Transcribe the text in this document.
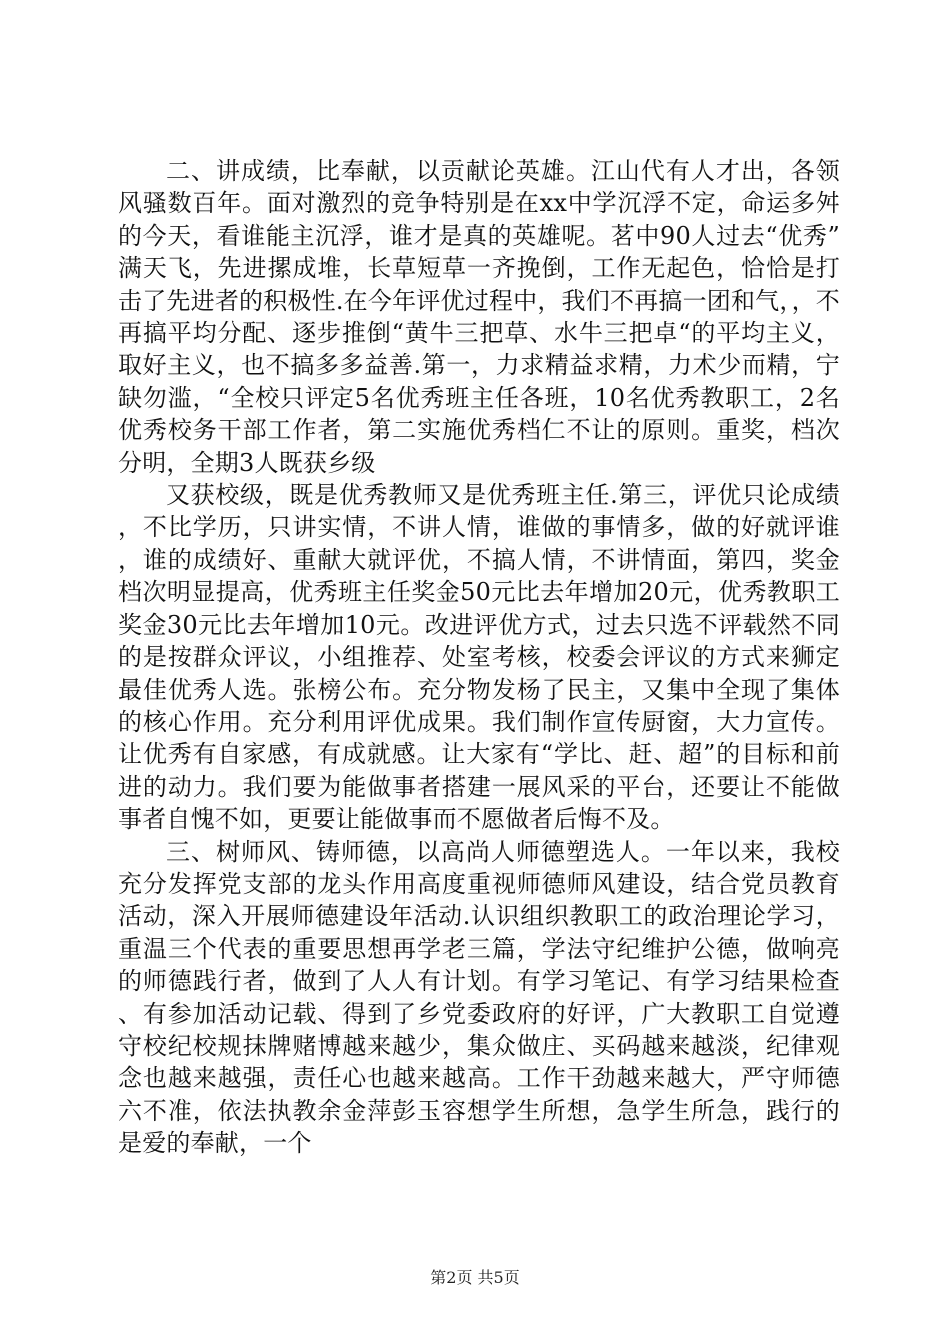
二、讲成绩，比奉献，以贡献论英雄。江山代有人才出，各领风骚数百年。面对激烈的竞争特别是在xx中学沉浮不定，命运多舛的今天，看谁能主沉浮，谁才是真的英雄呢。茗中90人过去“优秀”满天飞，先进摞成堆，长草短草一齐挽倒，工作无起色，恰恰是打击了先进者的积极性.在今年评优过程中，我们不再搞一团和气，，不再搞平均分配、逐步推倒“黄牛三把草、水牛三把卓“的平均主义，取好主义，也不搞多多益善.第一，力求精益求精，力术少而精，宁缺勿滥，“全校只评定5名优秀班主任各班，10名优秀教职工，2名优秀校务干部工作者，第二实施优秀档仁不让的原则。重奖，档次分明，全期3人既获乡级

又获校级，既是优秀教师又是优秀班主任.第三，评优只论成绩，不比学历，只讲实情，不讲人情，谁做的事情多，做的好就评谁，谁的成绩好、重献大就评优，不搞人情，不讲情面，第四，奖金档次明显提高，优秀班主任奖金50元比去年增加20元，优秀教职工奖金30元比去年增加10元。改进评优方式，过去只选不评载然不同的是按群众评议，小组推荐、处室考核，校委会评议的方式来狮定最佳优秀人选。张榜公布。充分物发杨了民主，又集中全现了集体的核心作用。充分利用评优成果。我们制作宣传厨窗，大力宣传。让优秀有自家感，有成就感。让大家有“学比、赶、超”的目标和前进的动力。我们要为能做事者搭建一展风采的平台，还要让不能做事者自愧不如，更要让能做事而不愿做者后悔不及。

三、树师风、铸师德，以高尚人师德塑选人。一年以来，我校充分发挥党支部的龙头作用高度重视师德师风建设，结合党员教育活动，深入开展师德建设年活动.认识组织教职工的政治理论学习，重温三个代表的重要思想再学老三篇，学法守纪维护公德，做响亮的师德践行者，做到了人人有计划。有学习笔记、有学习结果检查、有参加活动记载、得到了乡党委政府的好评，广大教职工自觉遵守校纪校规抹牌赌博越来越少，集众做庄、买码越来越淡，纪律观念也越来越强，责任心也越来越高。工作干劲越来越大，严守师德六不准，依法执教余金萍彭玉容想学生所想，急学生所急，践行的是爱的奉献，一个

第2页 共5页
